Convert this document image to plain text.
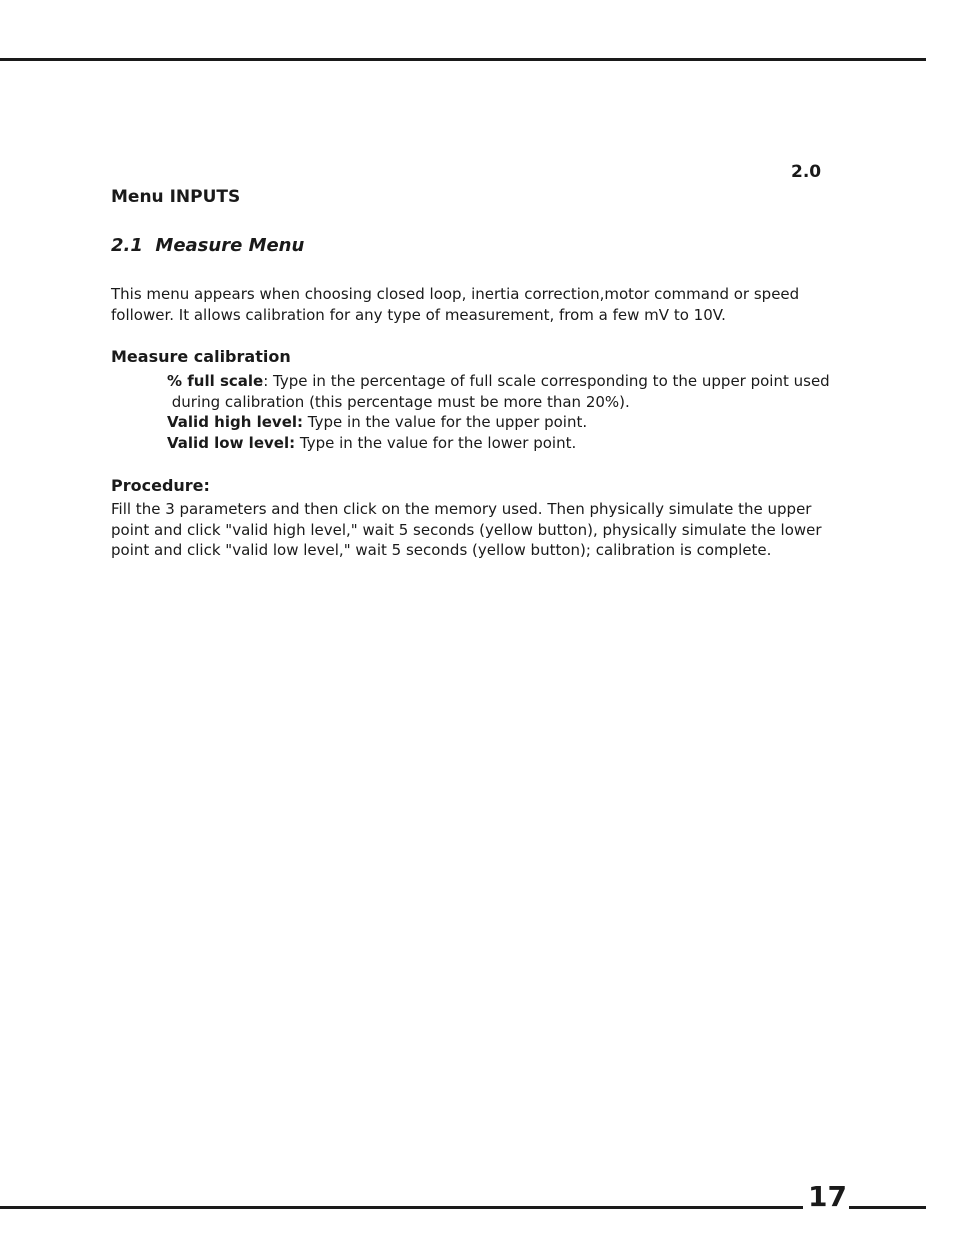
2.0
Menu INPUTS
2.1  Measure Menu
This menu appears when choosing closed loop, inertia correction,motor command or speed follower. It allows calibration for any type of measurement, from a few mV to 10V.
Measure calibration
% full scale: Type in the percentage of full scale corresponding to the upper point used
during calibration (this percentage must be more than 20%).
Valid high level: Type in the value for the upper point.
Valid low level: Type in the value for the lower point.
Procedure:
Fill the 3 parameters and then click on the memory used. Then physically simulate the upper point and click "valid high level," wait 5 seconds (yellow button), physically simulate the lower point and click "valid low level," wait 5 seconds (yellow button); calibration is complete.
17
